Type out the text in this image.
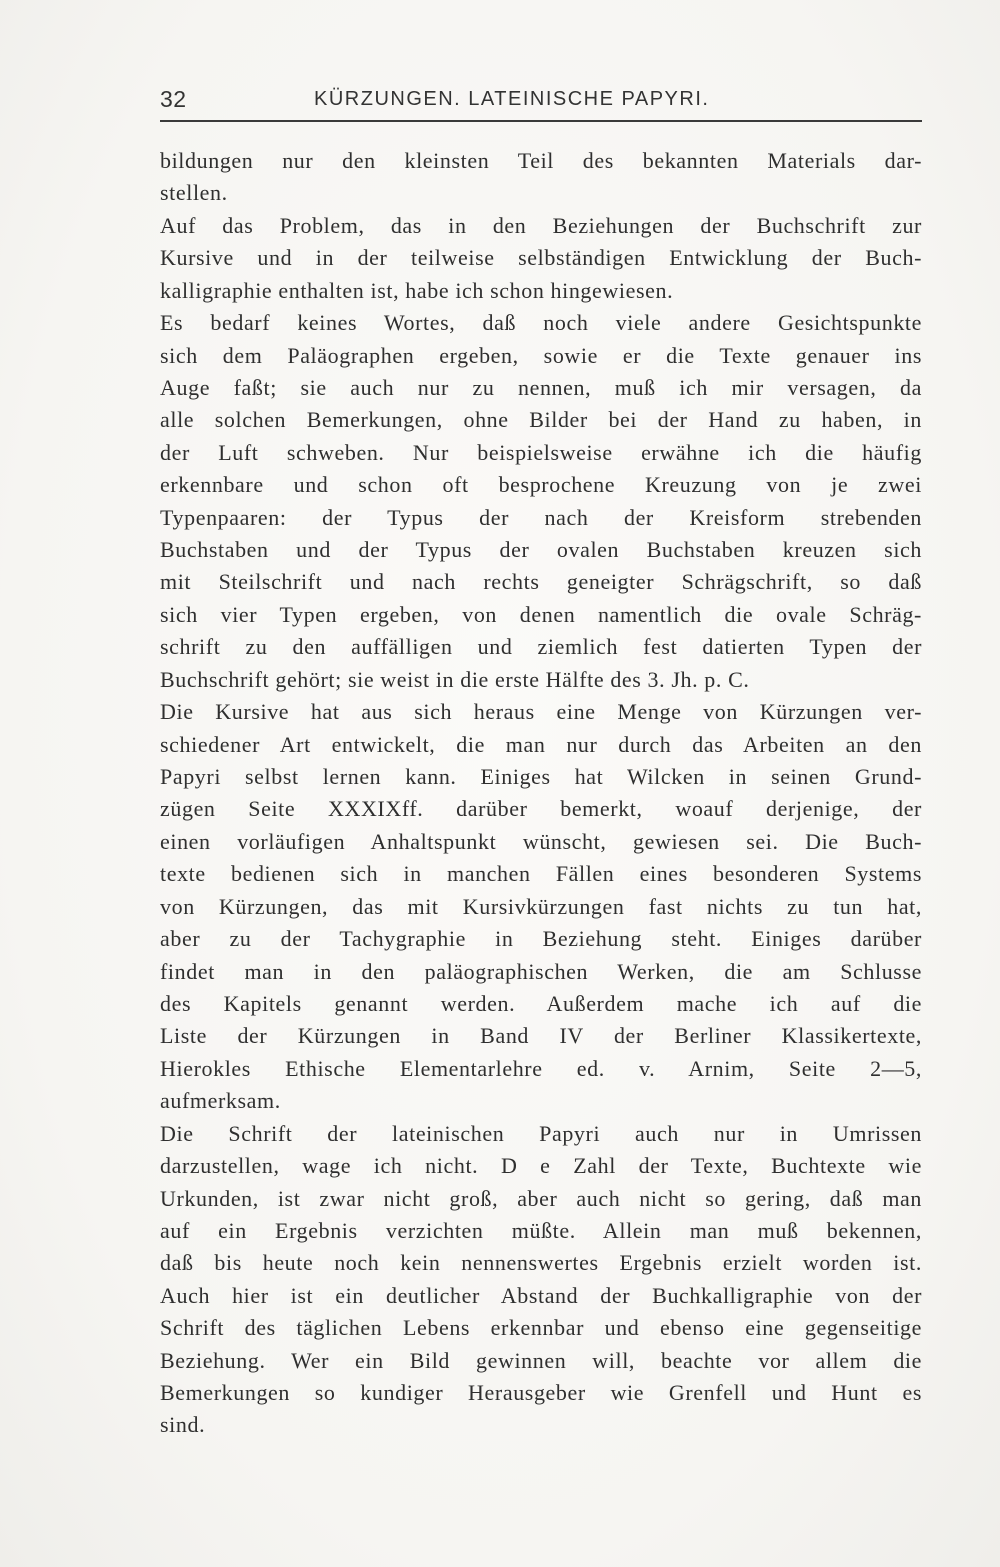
32	KÜRZUNGEN. LATEINISCHE PAPYRI.
bildungen nur den kleinsten Teil des bekannten Materials dar-
stellen.
Auf das Problem, das in den Beziehungen der Buchschrift zur
Kursive und in der teilweise selbständigen Entwicklung der Buch-
kalligraphie enthalten ist, habe ich schon hingewiesen.
Es bedarf keines Wortes, daß noch viele andere Gesichtspunkte
sich dem Paläographen ergeben, sowie er die Texte genauer ins
Auge faßt; sie auch nur zu nennen, muß ich mir versagen, da
alle solchen Bemerkungen, ohne Bilder bei der Hand zu haben, in
der Luft schweben. Nur beispielsweise erwähne ich die häufig
erkennbare und schon oft besprochene Kreuzung von je zwei
Typenpaaren: der Typus der nach der Kreisform strebenden
Buchstaben und der Typus der ovalen Buchstaben kreuzen sich
mit Steilschrift und nach rechts geneigter Schrägschrift, so daß
sich vier Typen ergeben, von denen namentlich die ovale Schräg-
schrift zu den auffälligen und ziemlich fest datierten Typen der
Buchschrift gehört; sie weist in die erste Hälfte des 3. Jh. p. C.
Die Kursive hat aus sich heraus eine Menge von Kürzungen ver-
schiedener Art entwickelt, die man nur durch das Arbeiten an den
Papyri selbst lernen kann. Einiges hat Wilcken in seinen Grund-
zügen Seite XXXIXff. darüber bemerkt, woauf derjenige, der
einen vorläufigen Anhaltspunkt wünscht, gewiesen sei. Die Buch-
texte bedienen sich in manchen Fällen eines besonderen Systems
von Kürzungen, das mit Kursivkürzungen fast nichts zu tun hat,
aber zu der Tachygraphie in Beziehung steht. Einiges darüber
findet man in den paläographischen Werken, die am Schlusse
des Kapitels genannt werden. Außerdem mache ich auf die
Liste der Kürzungen in Band IV der Berliner Klassikertexte,
Hierokles Ethische Elementarlehre ed. v. Arnim, Seite 2—5,
aufmerksam.
Die Schrift der lateinischen Papyri auch nur in Umrissen
darzustellen, wage ich nicht. D e Zahl der Texte, Buchtexte wie
Urkunden, ist zwar nicht groß, aber auch nicht so gering, daß man
auf ein Ergebnis verzichten müßte. Allein man muß bekennen,
daß bis heute noch kein nennenswertes Ergebnis erzielt worden ist.
Auch hier ist ein deutlicher Abstand der Buchkalligraphie von der
Schrift des täglichen Lebens erkennbar und ebenso eine gegenseitige
Beziehung. Wer ein Bild gewinnen will, beachte vor allem die
Bemerkungen so kundiger Herausgeber wie Grenfell und Hunt es
sind.
